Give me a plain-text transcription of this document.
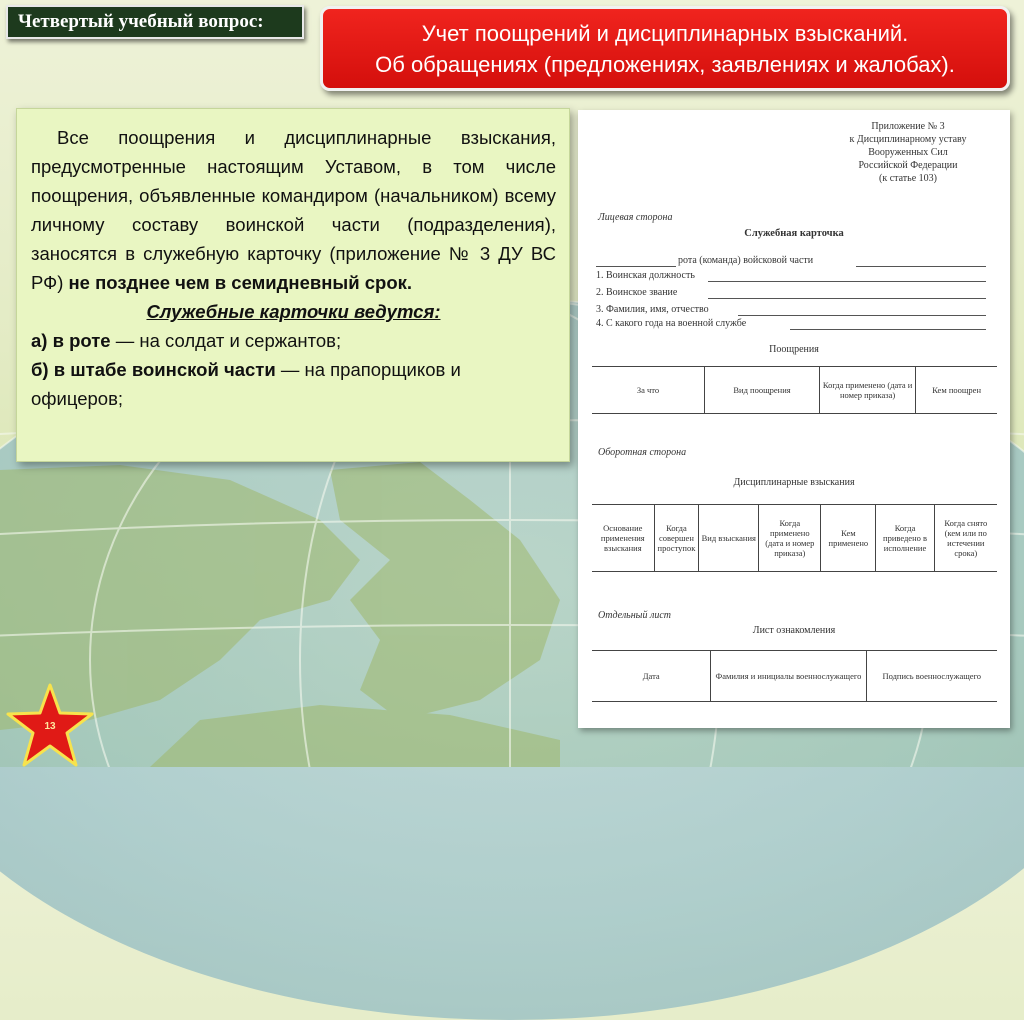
Четвертый учебный вопрос:	Учет поощрений и дисциплинарных взысканий.
Об обращениях (предложениях, заявлениях и жалобах).

Все поощрения и дисциплинарные взыскания, предусмотренные настоящим Уставом, в том числе поощрения, объявленные командиром (начальником) всему личному составу воинской части (подразделения), заносятся в служебную карточку (приложение № 3 ДУ ВС РФ) не позднее чем в семидневный срок.

Служебные карточки ведутся:

а) в роте — на солдат и сержантов;

б) в штабе воинской части — на прапорщиков и офицеров;

Приложение № 3
к Дисциплинарному уставу
Вооруженных Сил
Российской Федерации
(к статье 103)
Лицевая сторона
Служебная карточка
рота (команда) войсковой части
1. Воинская должность
2. Воинское звание
3. Фамилия, имя, отчество
4. С какого года на военной службе
Поощрения
За что	Вид поощрения	Когда применено (дата и номер приказа)	Кем поощрен
Оборотная сторона
Дисциплинарные взыскания
Основание применения взыскания	Когда совершен проступок	Вид взыскания	Когда применено (дата и номер приказа)	Кем применено	Когда приведено в исполнение	Когда снято (кем или по истечении срока)
Отдельный лист
Лист ознакомления
Дата	Фамилия и инициалы военнослужащего	Подпись военнослужащего
13
